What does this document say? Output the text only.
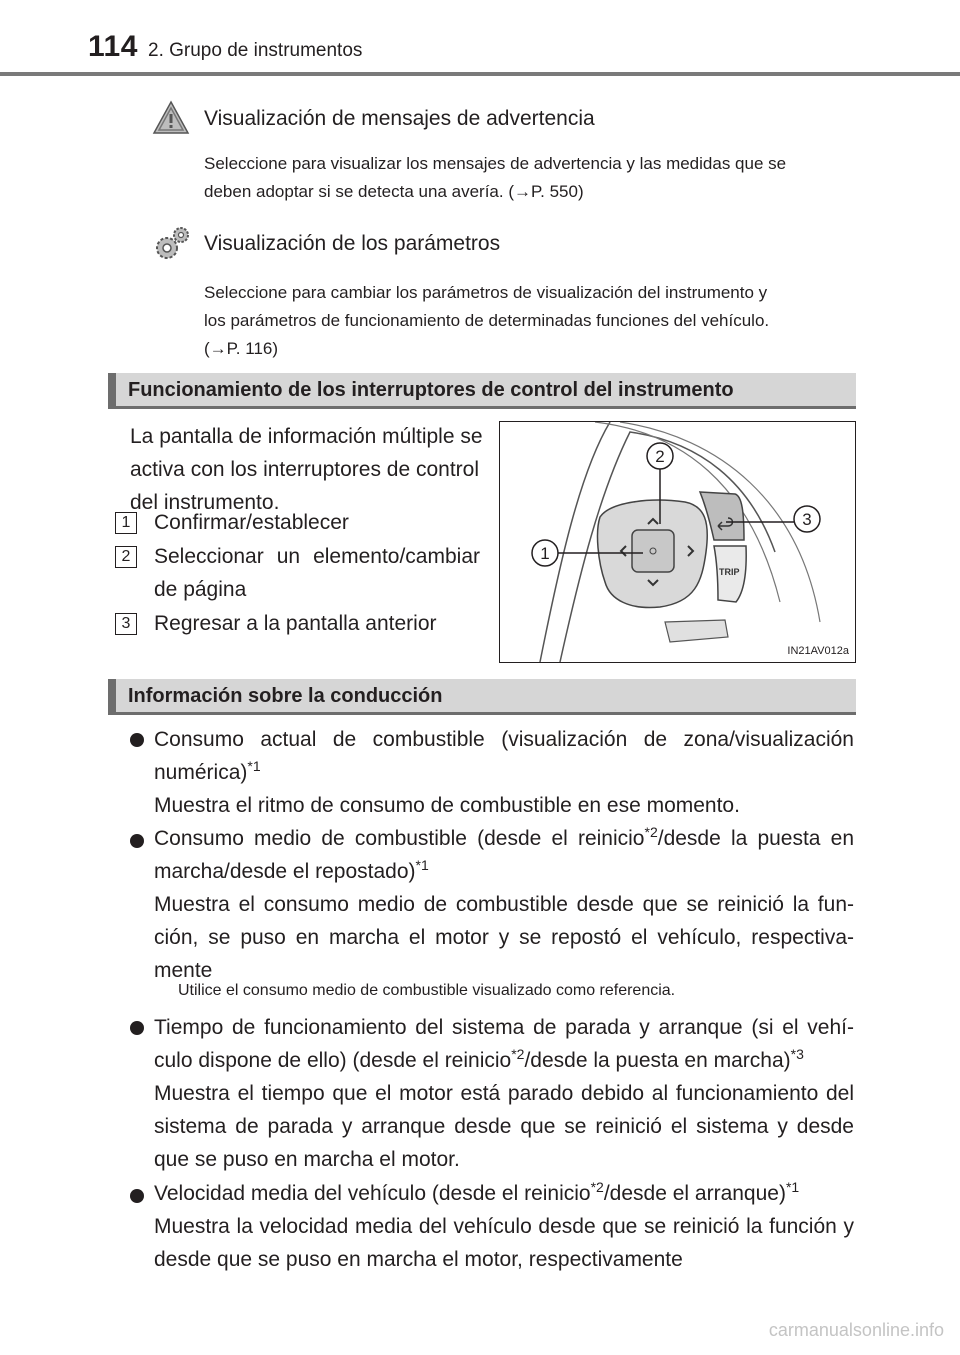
114 2. Grupo de instrumentos
Visualización de mensajes de advertencia
Seleccione para visualizar los mensajes de advertencia y las medidas que se
deben adoptar si se detecta una avería. (→P. 550)
Visualización de los parámetros
Seleccione para cambiar los parámetros de visualización del instrumento y
los parámetros de funcionamiento de determinadas funciones del vehículo.
(→P. 116)
Funcionamiento de los interruptores de control del instrumento
La pantalla de información múltiple se
activa con los interruptores de control
del instrumento.
1	Confirmar/establecer
2	Seleccionar un elemento/cambiar
de página
3	Regresar a la pantalla anterior
TRIP
1
2
3
IN21AV012a
Información sobre la conducción
Consumo actual de combustible (visualización de zona/visualización
numérica)$^{*1}$
Muestra el ritmo de consumo de combustible en ese momento.
Consumo medio de combustible (desde el reinicio$^{*2}$/desde la puesta en
marcha/desde el repostado)$^{*1}$
Muestra el consumo medio de combustible desde que se reinició la fun-
ción, se puso en marcha el motor y se repostó el vehículo, respectiva-
mente
Utilice el consumo medio de combustible visualizado como referencia.
Tiempo de funcionamiento del sistema de parada y arranque (si el vehí-
culo dispone de ello) (desde el reinicio$^{*2}$/desde la puesta en marcha)$^{*3}$
Muestra el tiempo que el motor está parado debido al funcionamiento del
sistema de parada y arranque desde que se reinició el sistema y desde
que se puso en marcha el motor.
Velocidad media del vehículo (desde el reinicio$^{*2}$/desde el arranque)$^{*1}$
Muestra la velocidad media del vehículo desde que se reinició la función y
desde que se puso en marcha el motor, respectivamente
carmanualsonline.info
